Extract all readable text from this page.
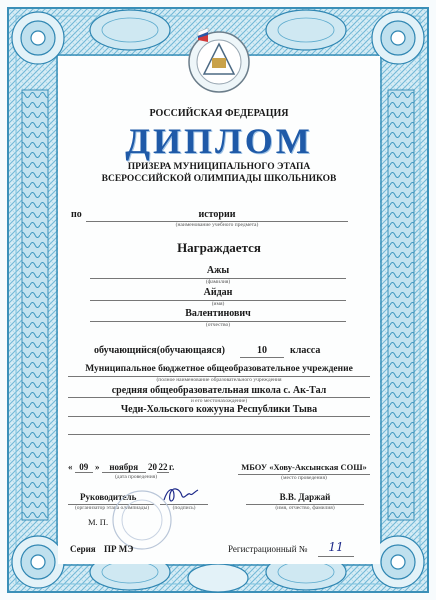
РОССИЙСКАЯ ФЕДЕРАЦИЯ
ДИПЛОМ
ПРИЗЕРА МУНИЦИПАЛЬНОГО ЭТАПА
ВСЕРОССИЙСКОЙ ОЛИМПИАДЫ ШКОЛЬНИКОВ
по	истории
(наименование учебного предмета)
Награждается
Ажы
(фамилия)
Айдан
(имя)
Валентинович
(отчество)
обучающийся(обучающаяся)	10	класса
Муниципальное бюджетное общеобразовательное учреждение
(полное наименование образовательного учреждения
средняя общеобразовательная школа с. Ак-Тал
и его местонахождение)
Чеди-Хольского кожууна Республики Тыва
« 09 » ноября 20 22 г.
(дата проведения)
МБОУ «Хову-Аксынская СОШ»
(место проведения)
Руководитель
(организатор этапа олимпиады)	(подпись)
В.В. Даржай
(имя, отчество, фамилия)
М. П.
Серия ПР МЭ	Регистрационный №	11
